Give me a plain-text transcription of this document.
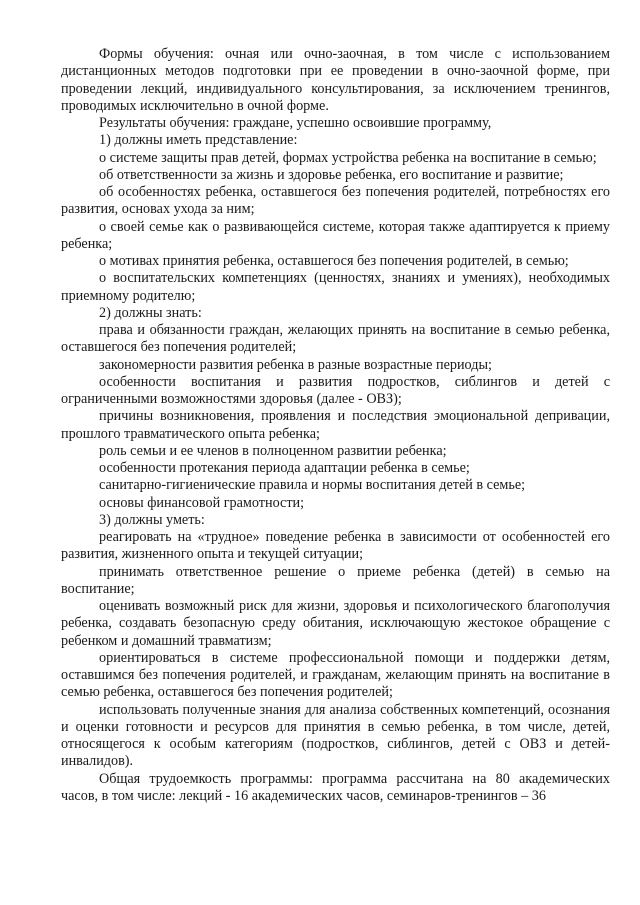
Формы обучения: очная или очно-заочная, в том числе с использованием дистанционных методов подготовки при ее проведении в очно-заочной форме, при проведении лекций, индивидуального консультирования, за исключением тренингов, проводимых исключительно в очной форме.

Результаты обучения: граждане, успешно освоившие программу,

1) должны иметь представление:

о системе защиты прав детей, формах устройства ребенка на воспитание в семью;

об ответственности за жизнь и здоровье ребенка, его воспитание и развитие;

об особенностях ребенка, оставшегося без попечения родителей, потребностях его развития, основах ухода за ним;

о своей семье как о развивающейся системе, которая также адаптируется к приему ребенка;

о мотивах принятия ребенка, оставшегося без попечения родителей, в семью;

о воспитательских компетенциях (ценностях, знаниях и умениях), необходимых приемному родителю;

2) должны знать:

права и обязанности граждан, желающих принять на воспитание в семью ребенка, оставшегося без попечения родителей;

закономерности развития ребенка в разные возрастные периоды;

особенности воспитания и развития подростков, сиблингов и детей с ограниченными возможностями здоровья (далее - ОВЗ);

причины возникновения, проявления и последствия эмоциональной депривации, прошлого травматического опыта ребенка;

роль семьи и ее членов в полноценном развитии ребенка;

особенности протекания периода адаптации ребенка в семье;

санитарно-гигиенические правила и нормы воспитания детей в семье;

основы финансовой грамотности;

3) должны уметь:

реагировать на «трудное» поведение ребенка в зависимости от особенностей его развития, жизненного опыта и текущей ситуации;

принимать ответственное решение о приеме ребенка (детей) в семью на воспитание;

оценивать возможный риск для жизни, здоровья и психологического благополучия ребенка, создавать безопасную среду обитания, исключающую жестокое обращение с ребенком и домашний травматизм;

ориентироваться в системе профессиональной помощи и поддержки детям, оставшимся без попечения родителей, и гражданам, желающим принять на воспитание в семью ребенка, оставшегося без попечения родителей;

использовать полученные знания для анализа собственных компетенций, осознания и оценки готовности и ресурсов для принятия в семью ребенка, в том числе, детей, относящегося к особым категориям (подростков, сиблингов, детей с ОВЗ и детей-инвалидов).

Общая трудоемкость программы: программа рассчитана на 80 академических часов, в том числе: лекций - 16 академических часов, семинаров-тренингов – 36
